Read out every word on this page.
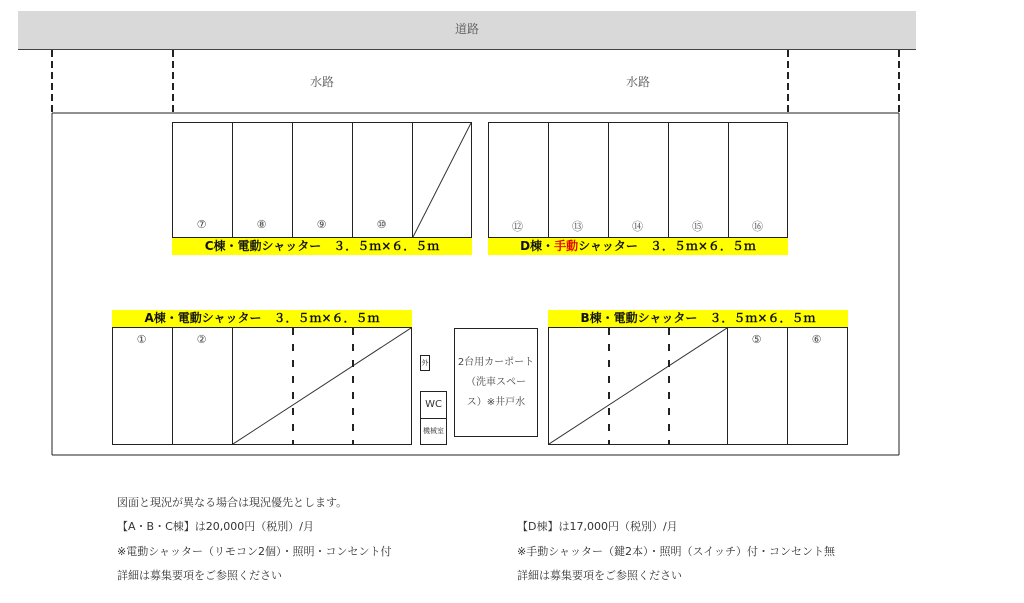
道路
水路	水路
⑦	⑧	⑨	⑩
C棟・電動シャッター　３．５ｍ×６．５ｍ
⑫	⑬	⑭	⑮	⑯
D棟・手動シャッター　３．５ｍ×６．５ｍ
A棟・電動シャッター　３．５ｍ×６．５ｍ
①	②
外
WC
機械室
2台用カーポート
（洗車スペー
ス）※井戸水
B棟・電動シャッター　３．５ｍ×６．５ｍ
⑤	⑥
図面と現況が異なる場合は現況優先とします。
【A・B・C棟】は20,000円（税別）/月
※電動シャッター（リモコン2個）・照明・コンセント付
詳細は募集要項をご参照ください
【D棟】は17,000円（税別）/月
※手動シャッター（鍵2本）・照明（スイッチ）付・コンセント無
詳細は募集要項をご参照ください
